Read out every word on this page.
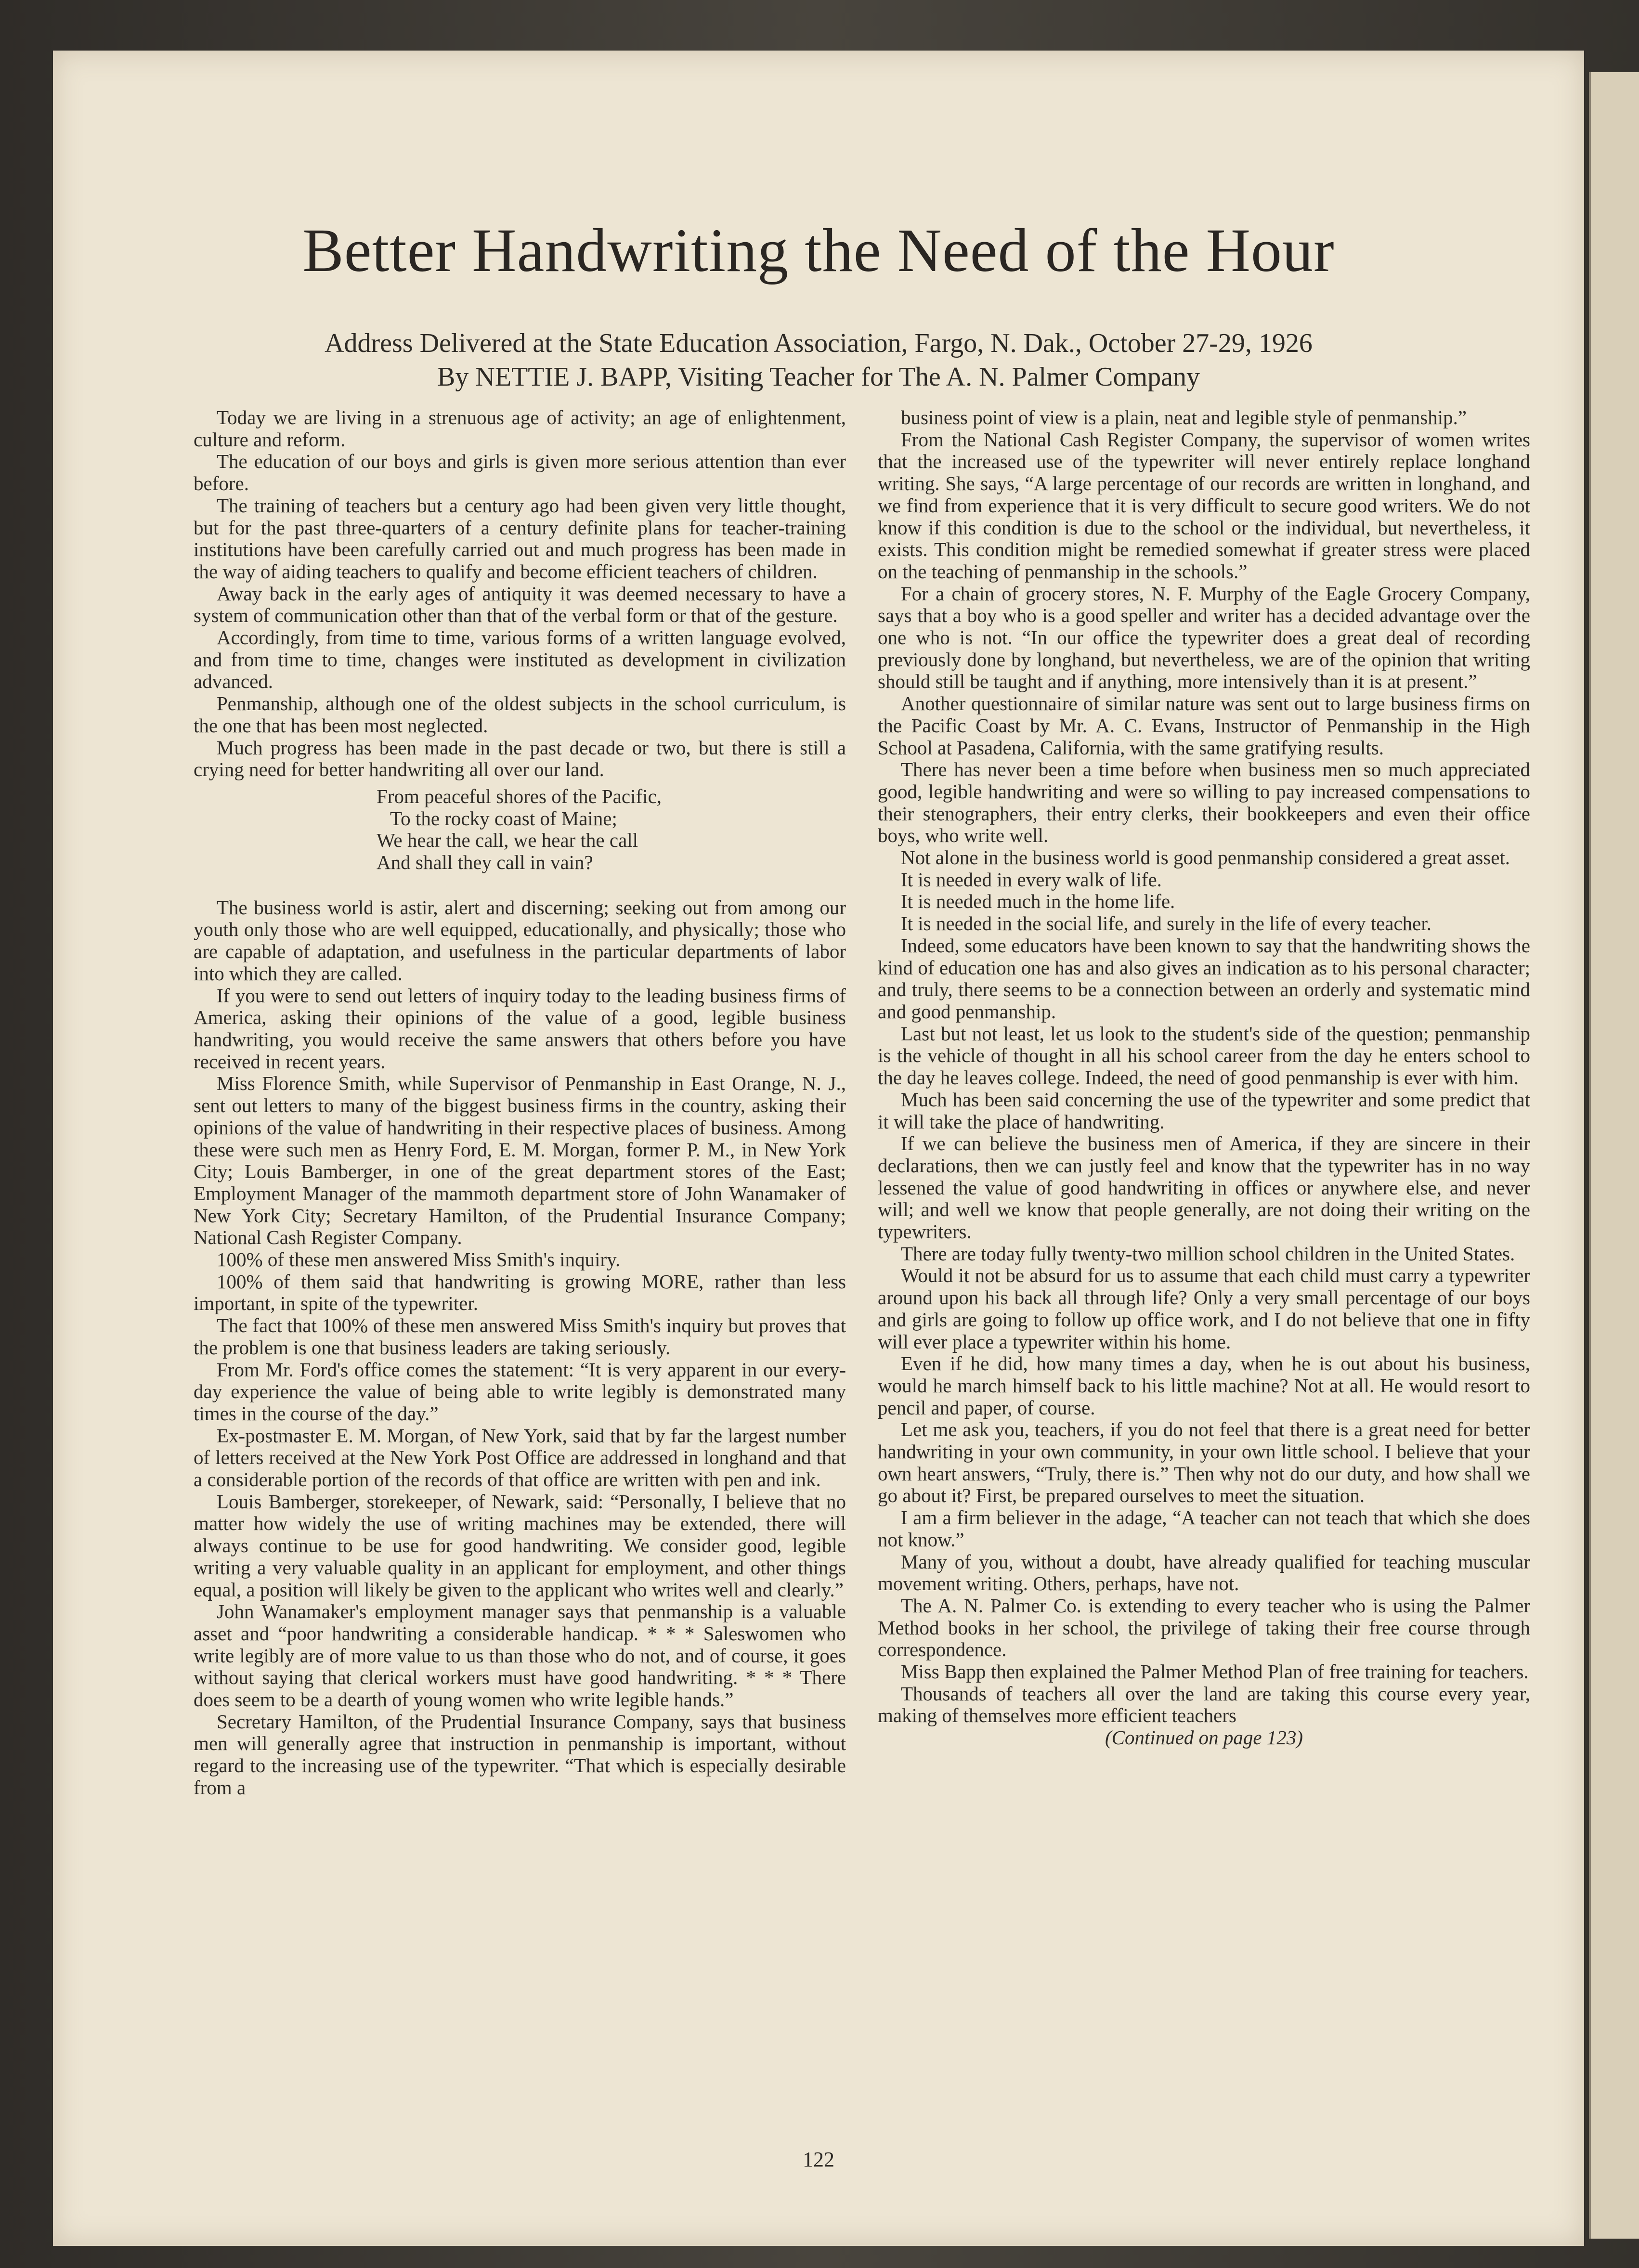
Better Handwriting the Need of the Hour
Address Delivered at the State Education Association, Fargo, N. Dak., October 27-29, 1926
By NETTIE J. BAPP, Visiting Teacher for The A. N. Palmer Company

Today we are living in a strenuous age of activity; an age of enlightenment, culture and reform.

The education of our boys and girls is given more serious attention than ever before.

The training of teachers but a century ago had been given very little thought, but for the past three-quarters of a century definite plans for teacher-training institutions have been carefully carried out and much progress has been made in the way of aiding teachers to qualify and become efficient teachers of children.

Away back in the early ages of antiquity it was deemed necessary to have a system of communication other than that of the verbal form or that of the gesture.

Accordingly, from time to time, various forms of a written language evolved, and from time to time, changes were instituted as development in civilization advanced.

Penmanship, although one of the oldest subjects in the school curriculum, is the one that has been most neglected.

Much progress has been made in the past decade or two, but there is still a crying need for better handwriting all over our land.

From peaceful shores of the Pacific,
To the rocky coast of Maine;
We hear the call, we hear the call
And shall they call in vain?

The business world is astir, alert and discerning; seeking out from among our youth only those who are well equipped, educationally, and physically; those who are capable of adaptation, and usefulness in the particular departments of labor into which they are called.

If you were to send out letters of inquiry today to the leading business firms of America, asking their opinions of the value of a good, legible business handwriting, you would receive the same answers that others before you have received in recent years.

Miss Florence Smith, while Supervisor of Penmanship in East Orange, N. J., sent out letters to many of the biggest business firms in the country, asking their opinions of the value of handwriting in their respective places of business. Among these were such men as Henry Ford, E. M. Morgan, former P. M., in New York City; Louis Bamberger, in one of the great department stores of the East; Employment Manager of the mammoth department store of John Wanamaker of New York City; Secretary Hamilton, of the Prudential Insurance Company; National Cash Register Company.

100% of these men answered Miss Smith's inquiry.

100% of them said that handwriting is growing MORE, rather than less important, in spite of the typewriter.

The fact that 100% of these men answered Miss Smith's inquiry but proves that the problem is one that business leaders are taking seriously.

From Mr. Ford's office comes the statement: “It is very apparent in our every-day experience the value of being able to write legibly is demonstrated many times in the course of the day.”

Ex-postmaster E. M. Morgan, of New York, said that by far the largest number of letters received at the New York Post Office are addressed in longhand and that a considerable portion of the records of that office are written with pen and ink.

Louis Bamberger, storekeeper, of Newark, said: “Personally, I believe that no matter how widely the use of writing machines may be extended, there will always continue to be use for good handwriting. We consider good, legible writing a very valuable quality in an applicant for employment, and other things equal, a position will likely be given to the applicant who writes well and clearly.”

John Wanamaker's employment manager says that penmanship is a valuable asset and “poor handwriting a considerable handicap. * * * Saleswomen who write legibly are of more value to us than those who do not, and of course, it goes without saying that clerical workers must have good handwriting. * * * There does seem to be a dearth of young women who write legible hands.”

Secretary Hamilton, of the Prudential Insurance Company, says that business men will generally agree that instruction in penmanship is important, without regard to the increasing use of the typewriter. “That which is especially desirable from a

business point of view is a plain, neat and legible style of penmanship.”

From the National Cash Register Company, the supervisor of women writes that the increased use of the typewriter will never entirely replace longhand writing. She says, “A large percentage of our records are written in longhand, and we find from experience that it is very difficult to secure good writers. We do not know if this condition is due to the school or the individual, but nevertheless, it exists. This condition might be remedied somewhat if greater stress were placed on the teaching of penmanship in the schools.”

For a chain of grocery stores, N. F. Murphy of the Eagle Grocery Company, says that a boy who is a good speller and writer has a decided advantage over the one who is not. “In our office the typewriter does a great deal of recording previously done by longhand, but nevertheless, we are of the opinion that writing should still be taught and if anything, more intensively than it is at present.”

Another questionnaire of similar nature was sent out to large business firms on the Pacific Coast by Mr. A. C. Evans, Instructor of Penmanship in the High School at Pasadena, California, with the same gratifying results.

There has never been a time before when business men so much appreciated good, legible handwriting and were so willing to pay increased compensations to their stenographers, their entry clerks, their bookkeepers and even their office boys, who write well.

Not alone in the business world is good penmanship considered a great asset.

It is needed in every walk of life.

It is needed much in the home life.

It is needed in the social life, and surely in the life of every teacher.

Indeed, some educators have been known to say that the handwriting shows the kind of education one has and also gives an indication as to his personal character; and truly, there seems to be a connection between an orderly and systematic mind and good penmanship.

Last but not least, let us look to the student's side of the question; penmanship is the vehicle of thought in all his school career from the day he enters school to the day he leaves college. Indeed, the need of good penmanship is ever with him.

Much has been said concerning the use of the typewriter and some predict that it will take the place of handwriting.

If we can believe the business men of America, if they are sincere in their declarations, then we can justly feel and know that the typewriter has in no way lessened the value of good handwriting in offices or anywhere else, and never will; and well we know that people generally, are not doing their writing on the typewriters.

There are today fully twenty-two million school children in the United States.

Would it not be absurd for us to assume that each child must carry a typewriter around upon his back all through life? Only a very small percentage of our boys and girls are going to follow up office work, and I do not believe that one in fifty will ever place a typewriter within his home.

Even if he did, how many times a day, when he is out about his business, would he march himself back to his little machine? Not at all. He would resort to pencil and paper, of course.

Let me ask you, teachers, if you do not feel that there is a great need for better handwriting in your own community, in your own little school. I believe that your own heart answers, “Truly, there is.” Then why not do our duty, and how shall we go about it? First, be prepared ourselves to meet the situation.

I am a firm believer in the adage, “A teacher can not teach that which she does not know.”

Many of you, without a doubt, have already qualified for teaching muscular movement writing. Others, perhaps, have not.

The A. N. Palmer Co. is extending to every teacher who is using the Palmer Method books in her school, the privilege of taking their free course through correspondence.

Miss Bapp then explained the Palmer Method Plan of free training for teachers.

Thousands of teachers all over the land are taking this course every year, making of themselves more efficient teachers

(Continued on page 123)

122
